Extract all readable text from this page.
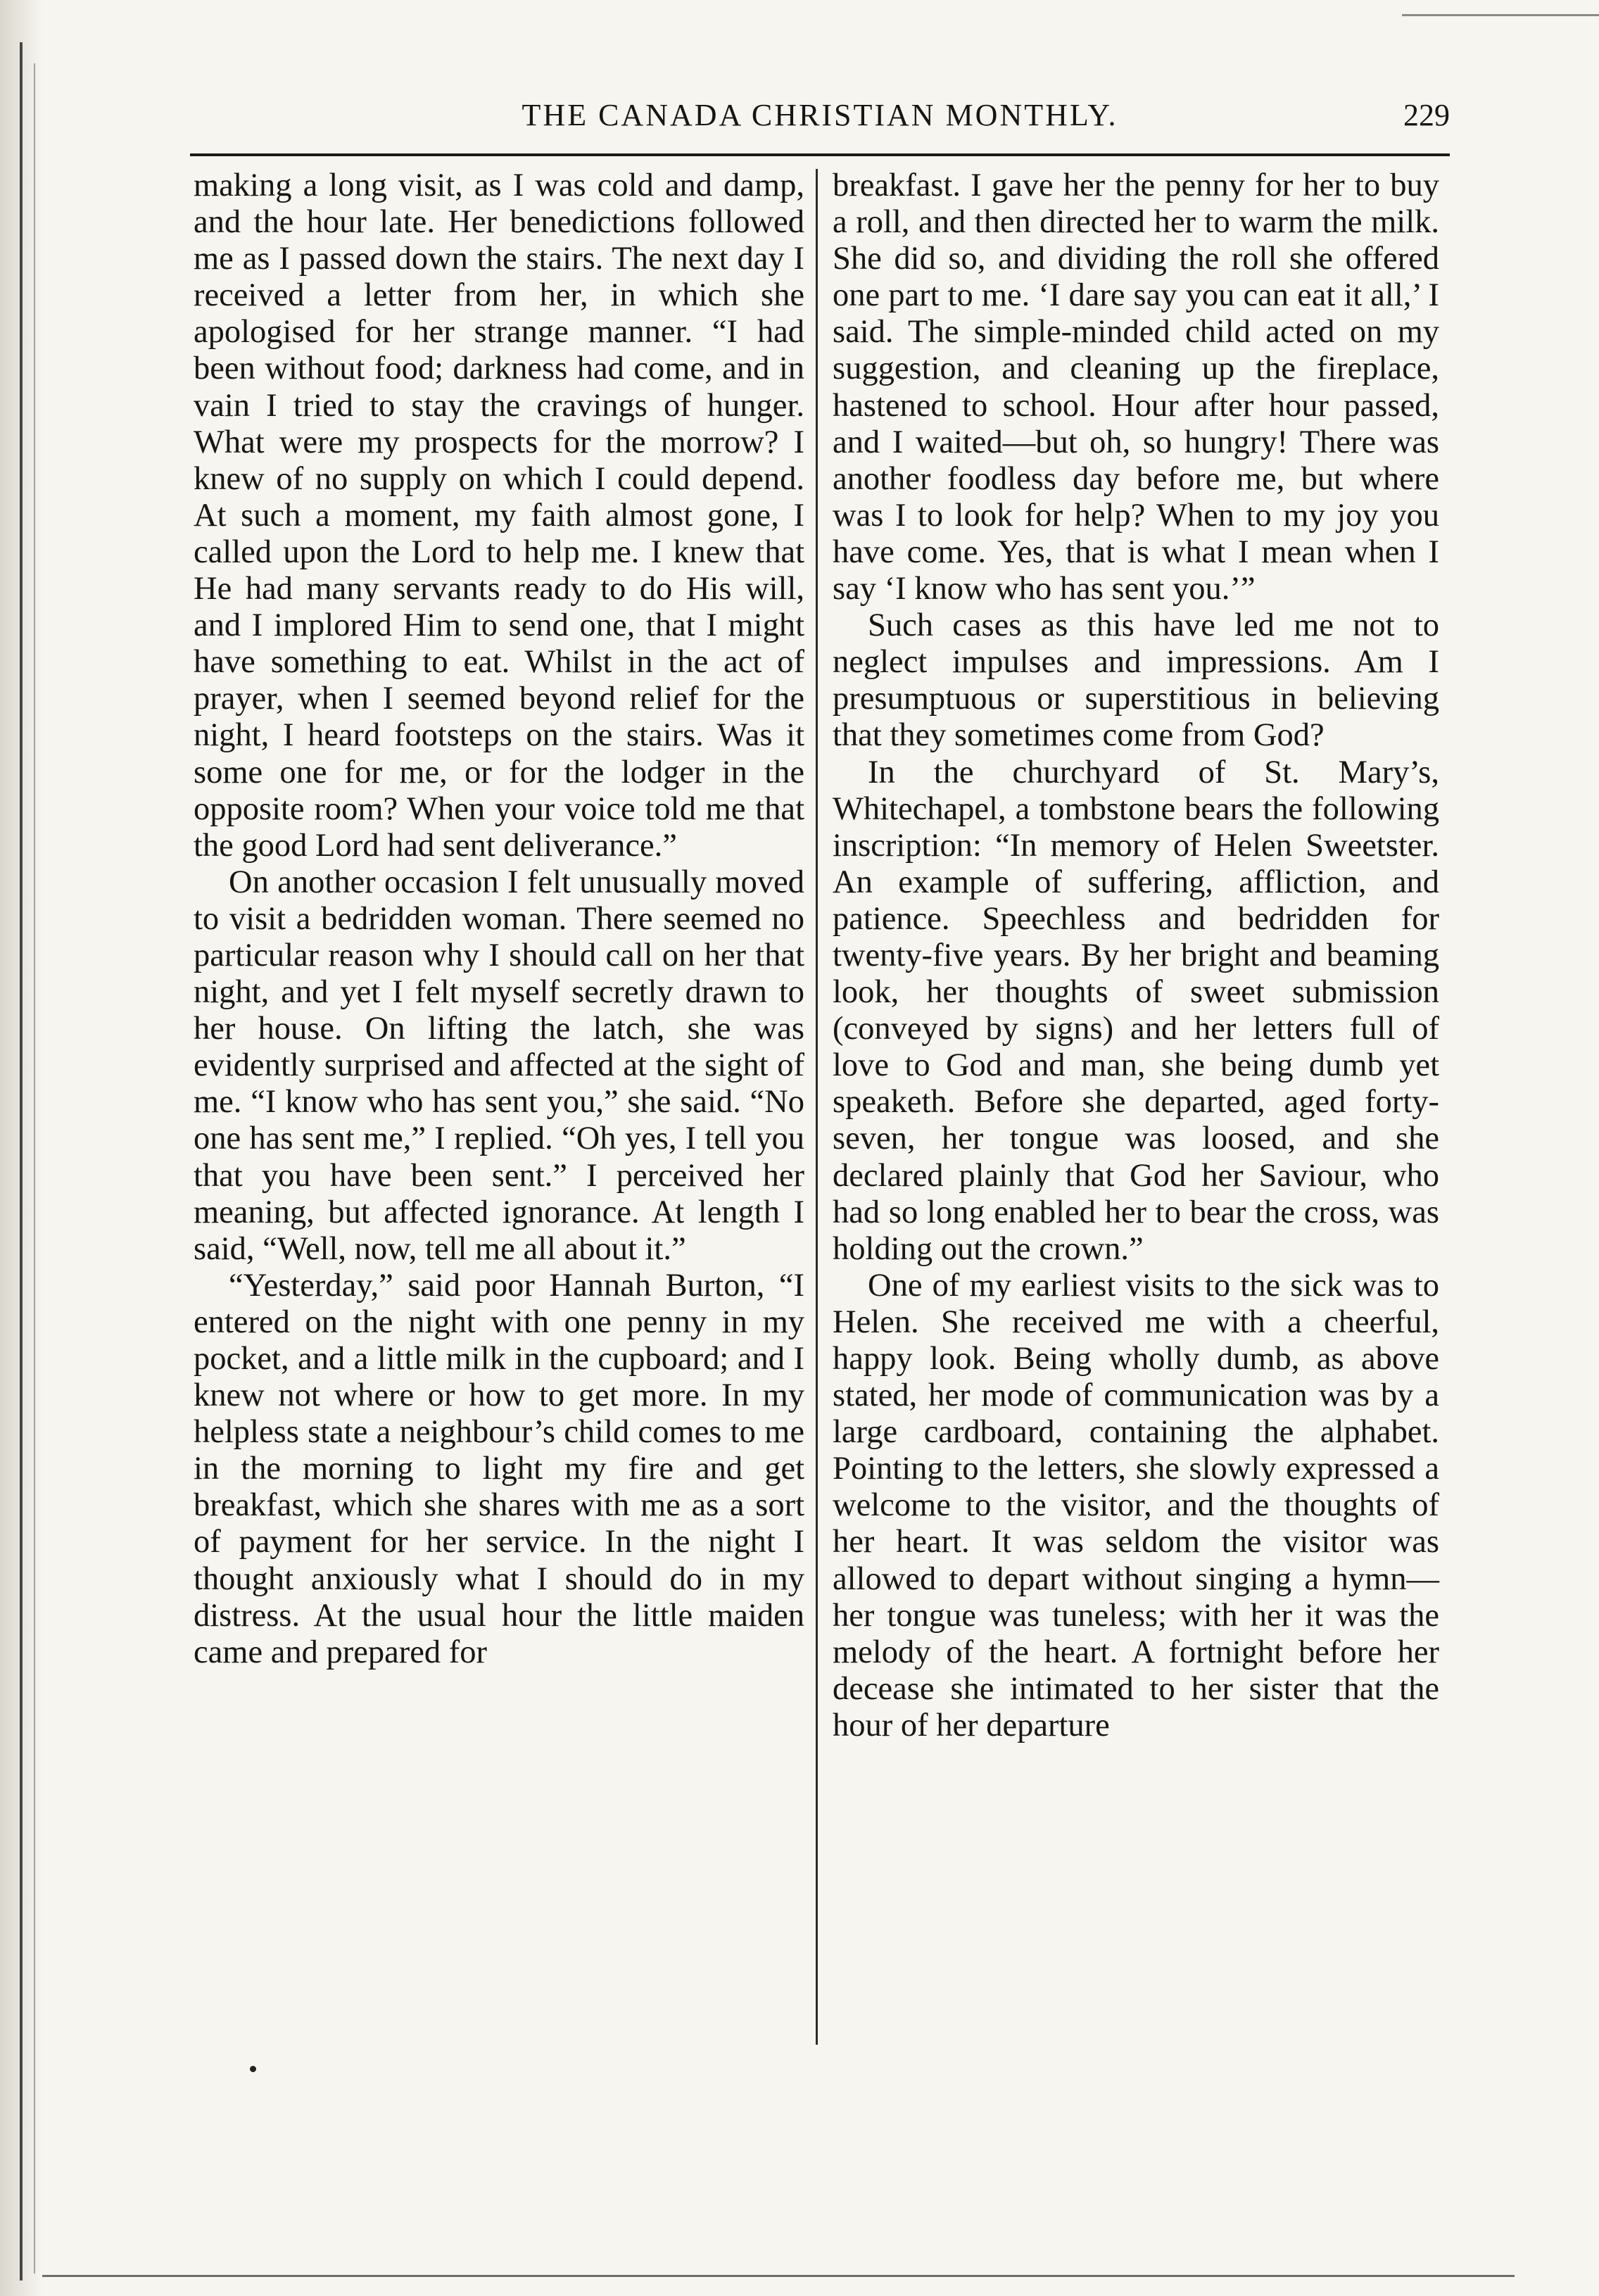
THE CANADA CHRISTIAN MONTHLY.	229

making a long visit, as I was cold and damp, and the hour late. Her benedictions followed me as I passed down the stairs. The next day I received a letter from her, in which she apologised for her strange manner. “I had been without food; darkness had come, and in vain I tried to stay the cravings of hunger. What were my prospects for the morrow? I knew of no supply on which I could depend. At such a moment, my faith almost gone, I called upon the Lord to help me. I knew that He had many servants ready to do His will, and I implored Him to send one, that I might have something to eat. Whilst in the act of prayer, when I seemed beyond relief for the night, I heard footsteps on the stairs. Was it some one for me, or for the lodger in the opposite room? When your voice told me that the good Lord had sent deliverance.”

On another occasion I felt unusually moved to visit a bedridden woman. There seemed no particular reason why I should call on her that night, and yet I felt myself secretly drawn to her house. On lifting the latch, she was evidently surprised and affected at the sight of me. “I know who has sent you,” she said. “No one has sent me,” I replied. “Oh yes, I tell you that you have been sent.” I perceived her meaning, but affected ignorance. At length I said, “Well, now, tell me all about it.”

“Yesterday,” said poor Hannah Burton, “I entered on the night with one penny in my pocket, and a little milk in the cupboard; and I knew not where or how to get more. In my helpless state a neighbour’s child comes to me in the morning to light my fire and get breakfast, which she shares with me as a sort of payment for her service. In the night I thought anxiously what I should do in my distress. At the usual hour the little maiden came and prepared for

breakfast. I gave her the penny for her to buy a roll, and then directed her to warm the milk. She did so, and dividing the roll she offered one part to me. ‘I dare say you can eat it all,’ I said. The simple-minded child acted on my suggestion, and cleaning up the fireplace, hastened to school. Hour after hour passed, and I waited—but oh, so hungry! There was another foodless day before me, but where was I to look for help? When to my joy you have come. Yes, that is what I mean when I say ‘I know who has sent you.’”

Such cases as this have led me not to neglect impulses and impressions. Am I presumptuous or superstitious in believing that they sometimes come from God?

In the churchyard of St. Mary’s, Whitechapel, a tombstone bears the following inscription: “In memory of Helen Sweetster. An example of suffering, affliction, and patience. Speechless and bedridden for twenty-five years. By her bright and beaming look, her thoughts of sweet submission (conveyed by signs) and her letters full of love to God and man, she being dumb yet speaketh. Before she departed, aged forty-seven, her tongue was loosed, and she declared plainly that God her Saviour, who had so long enabled her to bear the cross, was holding out the crown.”

One of my earliest visits to the sick was to Helen. She received me with a cheerful, happy look. Being wholly dumb, as above stated, her mode of communication was by a large cardboard, containing the alphabet. Pointing to the letters, she slowly expressed a welcome to the visitor, and the thoughts of her heart. It was seldom the visitor was allowed to depart without singing a hymn—her tongue was tuneless; with her it was the melody of the heart. A fortnight before her decease she intimated to her sister that the hour of her departure
